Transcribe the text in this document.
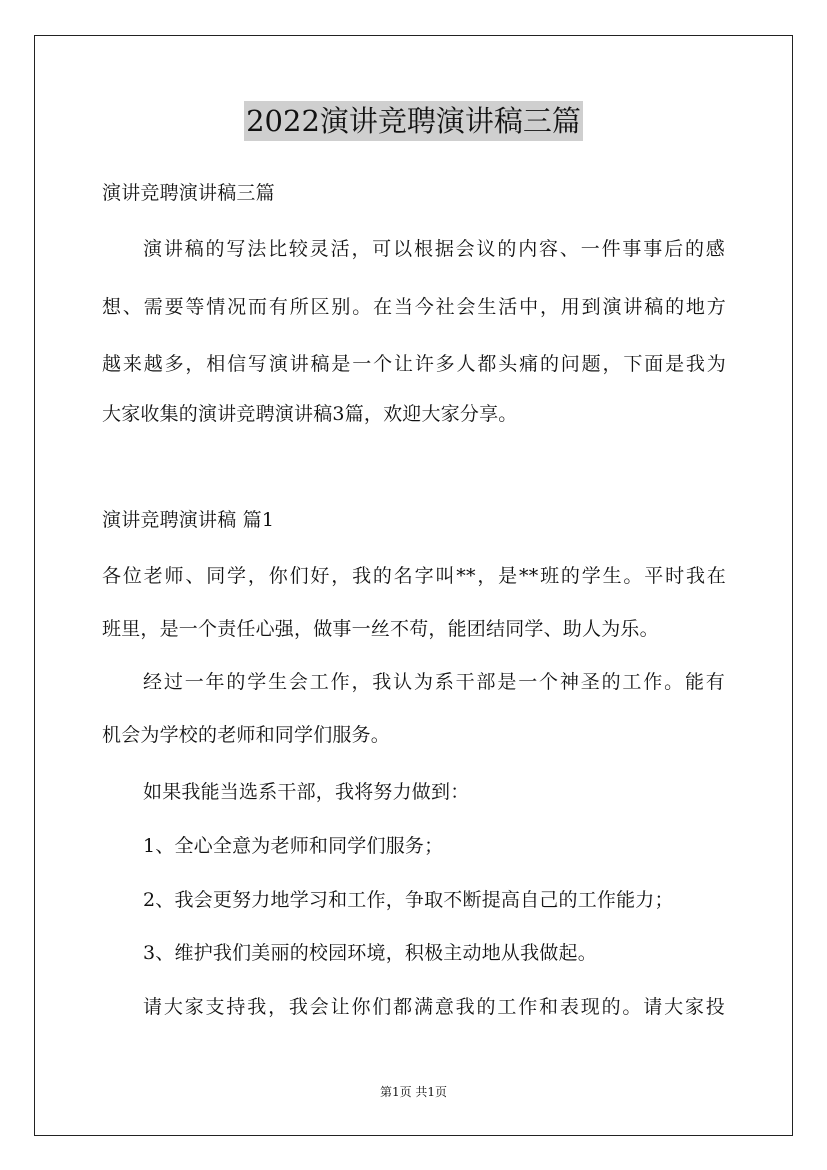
2022演讲竞聘演讲稿三篇
演讲竞聘演讲稿三篇
演讲稿的写法比较灵活，可以根据会议的内容、一件事事后的感
想、需要等情况而有所区别。在当今社会生活中，用到演讲稿的地方
越来越多，相信写演讲稿是一个让许多人都头痛的问题，下面是我为
大家收集的演讲竞聘演讲稿3篇，欢迎大家分享。
演讲竞聘演讲稿 篇1
各位老师、同学，你们好，我的名字叫**，是**班的学生。平时我在
班里，是一个责任心强，做事一丝不苟，能团结同学、助人为乐。
经过一年的学生会工作，我认为系干部是一个神圣的工作。能有
机会为学校的老师和同学们服务。
如果我能当选系干部，我将努力做到：
1、全心全意为老师和同学们服务；
2、我会更努力地学习和工作，争取不断提高自己的工作能力；
3、维护我们美丽的校园环境，积极主动地从我做起。
请大家支持我，我会让你们都满意我的工作和表现的。请大家投
第1页 共1页
